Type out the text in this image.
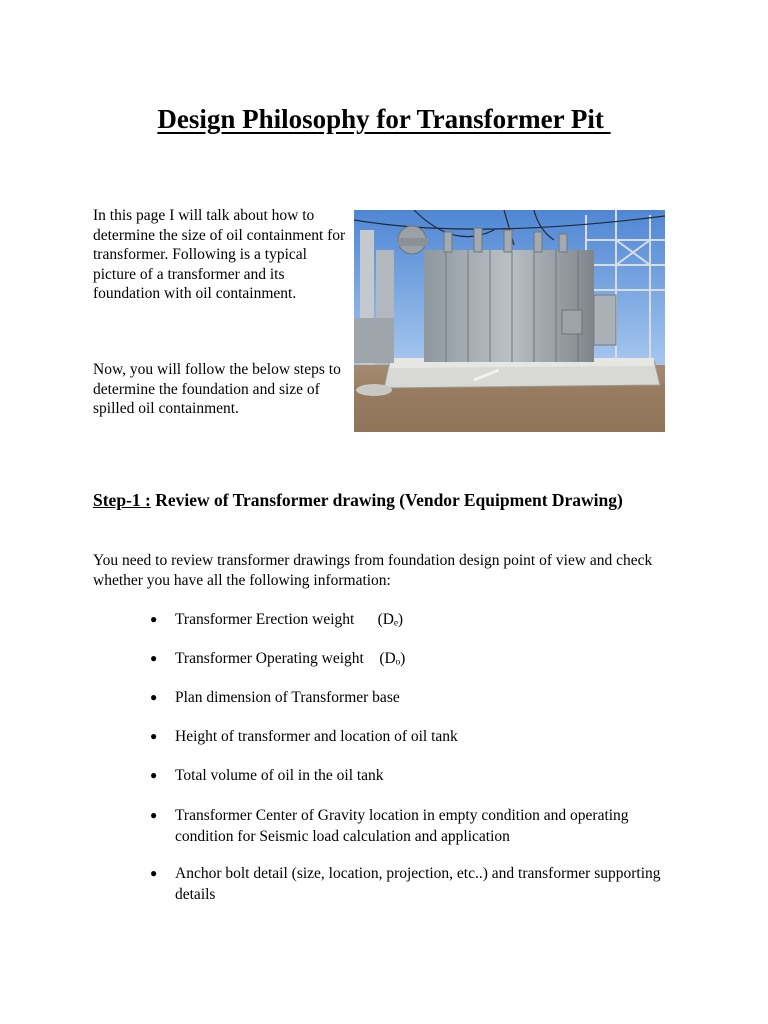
Design Philosophy for Transformer Pit

In this page I will talk about how to determine the size of oil containment for transformer. Following is a typical picture of a transformer and its foundation with oil containment.

Now, you will follow the below steps to determine the foundation and size of spilled oil containment.

Step-1 : Review of Transformer drawing (Vendor Equipment Drawing)

You need to review transformer drawings from foundation design point of view and check whether you have all the following information:

● Transformer Erection weight      (Dₑ)
● Transformer Operating weight    (Dₒ)
● Plan dimension of Transformer base
● Height of transformer and location of oil tank
● Total volume of oil in the oil tank
● Transformer Center of Gravity location in empty condition and operating condition for Seismic load calculation and application
● Anchor bolt detail (size, location, projection, etc..) and transformer supporting details
